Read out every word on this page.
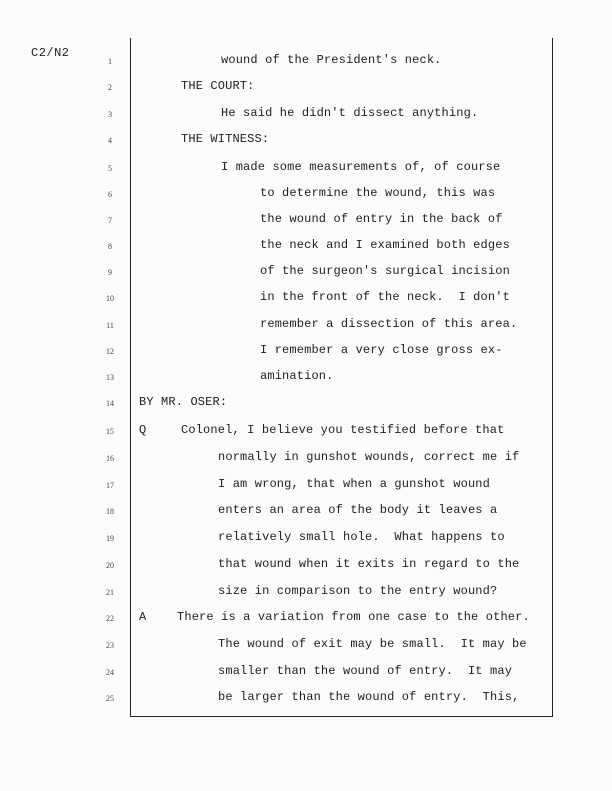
C2/N2
1	wound of the President's neck.
2	THE COURT:
3	He said he didn't dissect anything.
4	THE WITNESS:
5	I made some measurements of, of course
6	to determine the wound, this was
7	the wound of entry in the back of
8	the neck and I examined both edges
9	of the surgeon's surgical incision
10	in the front of the neck.  I don't
11	remember a dissection of this area.
12	I remember a very close gross ex-
13	amination.
14	BY MR. OSER:
15	Q	Colonel, I believe you testified before that
16	normally in gunshot wounds, correct me if
17	I am wrong, that when a gunshot wound
18	enters an area of the body it leaves a
19	relatively small hole.  What happens to
20	that wound when it exits in regard to the
21	size in comparison to the entry wound?
22	A	There is a variation from one case to the other.
23	The wound of exit may be small.  It may be
24	smaller than the wound of entry.  It may
25	be larger than the wound of entry.  This,
